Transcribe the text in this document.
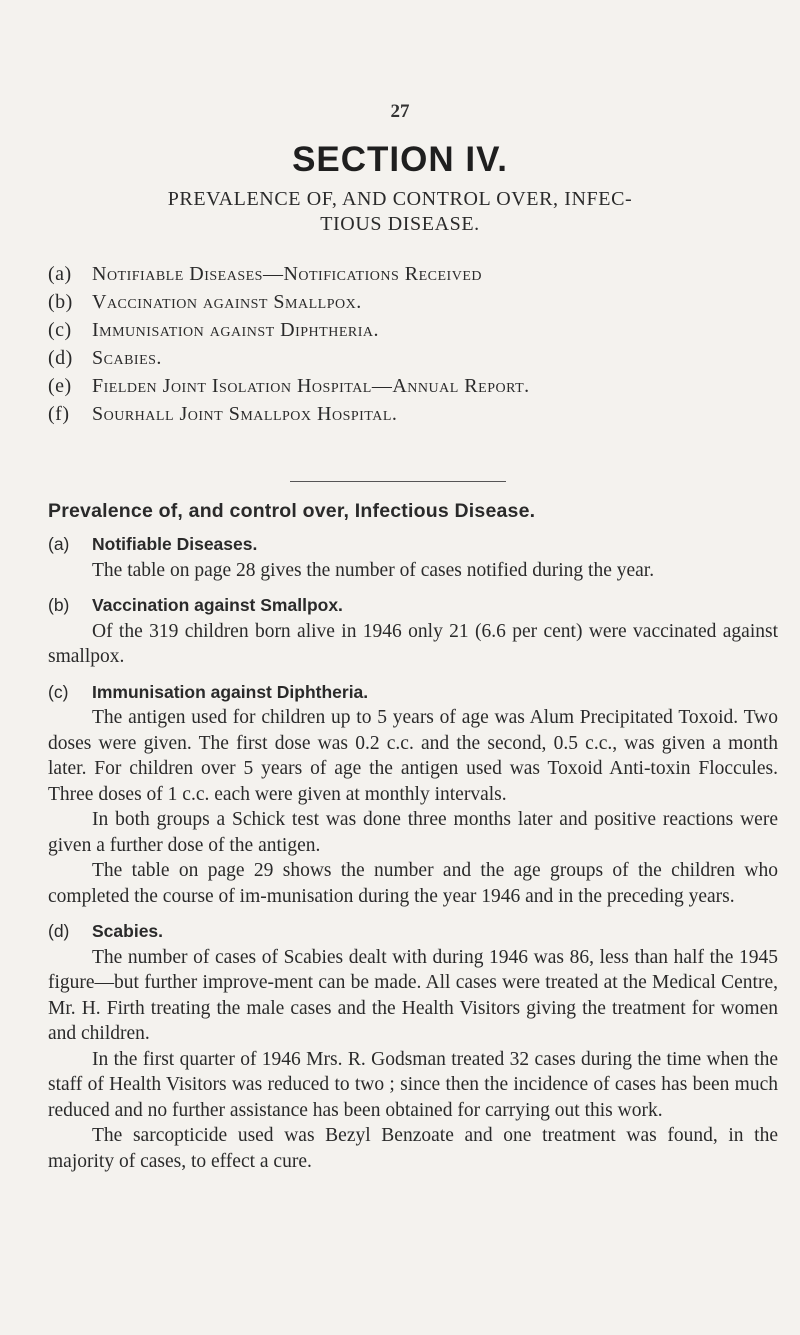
27
SECTION IV.
PREVALENCE OF, AND CONTROL OVER, INFEC-
TIOUS DISEASE.
(a)	Notifiable Diseases—Notifications Received
(b) Vaccination against Smallpox.
(c)	Immunisation against Diphtheria.
(d) Scabies.
(e)	Fielden Joint Isolation Hospital—Annual Report.
(f)	Sourhall Joint Smallpox Hospital.
Prevalence of, and control over, Infectious Disease.
(a)	Notifiable Diseases.

The table on page 28 gives the number of cases notified during the year.

(b)	Vaccination against Smallpox.

Of the 319 children born alive in 1946 only 21 (6.6 per cent) were vaccinated against smallpox.

(c)	Immunisation against Diphtheria.

The antigen used for children up to 5 years of age was Alum Precipitated Toxoid. Two doses were given. The first dose was 0.2 c.c. and the second, 0.5 c.c., was given a month later. For children over 5 years of age the antigen used was Toxoid Anti-toxin Floccules. Three doses of 1 c.c. each were given at monthly intervals.

In both groups a Schick test was done three months later and positive reactions were given a further dose of the antigen.

The table on page 29 shows the number and the age groups of the children who completed the course of im-munisation during the year 1946 and in the preceding years.

(d)	Scabies.

The number of cases of Scabies dealt with during 1946 was 86, less than half the 1945 figure—but further improve-ment can be made. All cases were treated at the Medical Centre, Mr. H. Firth treating the male cases and the Health Visitors giving the treatment for women and children.

In the first quarter of 1946 Mrs. R. Godsman treated 32 cases during the time when the staff of Health Visitors was reduced to two ; since then the incidence of cases has been much reduced and no further assistance has been obtained for carrying out this work.

The sarcopticide used was Bezyl Benzoate and one treatment was found, in the majority of cases, to effect a cure.
